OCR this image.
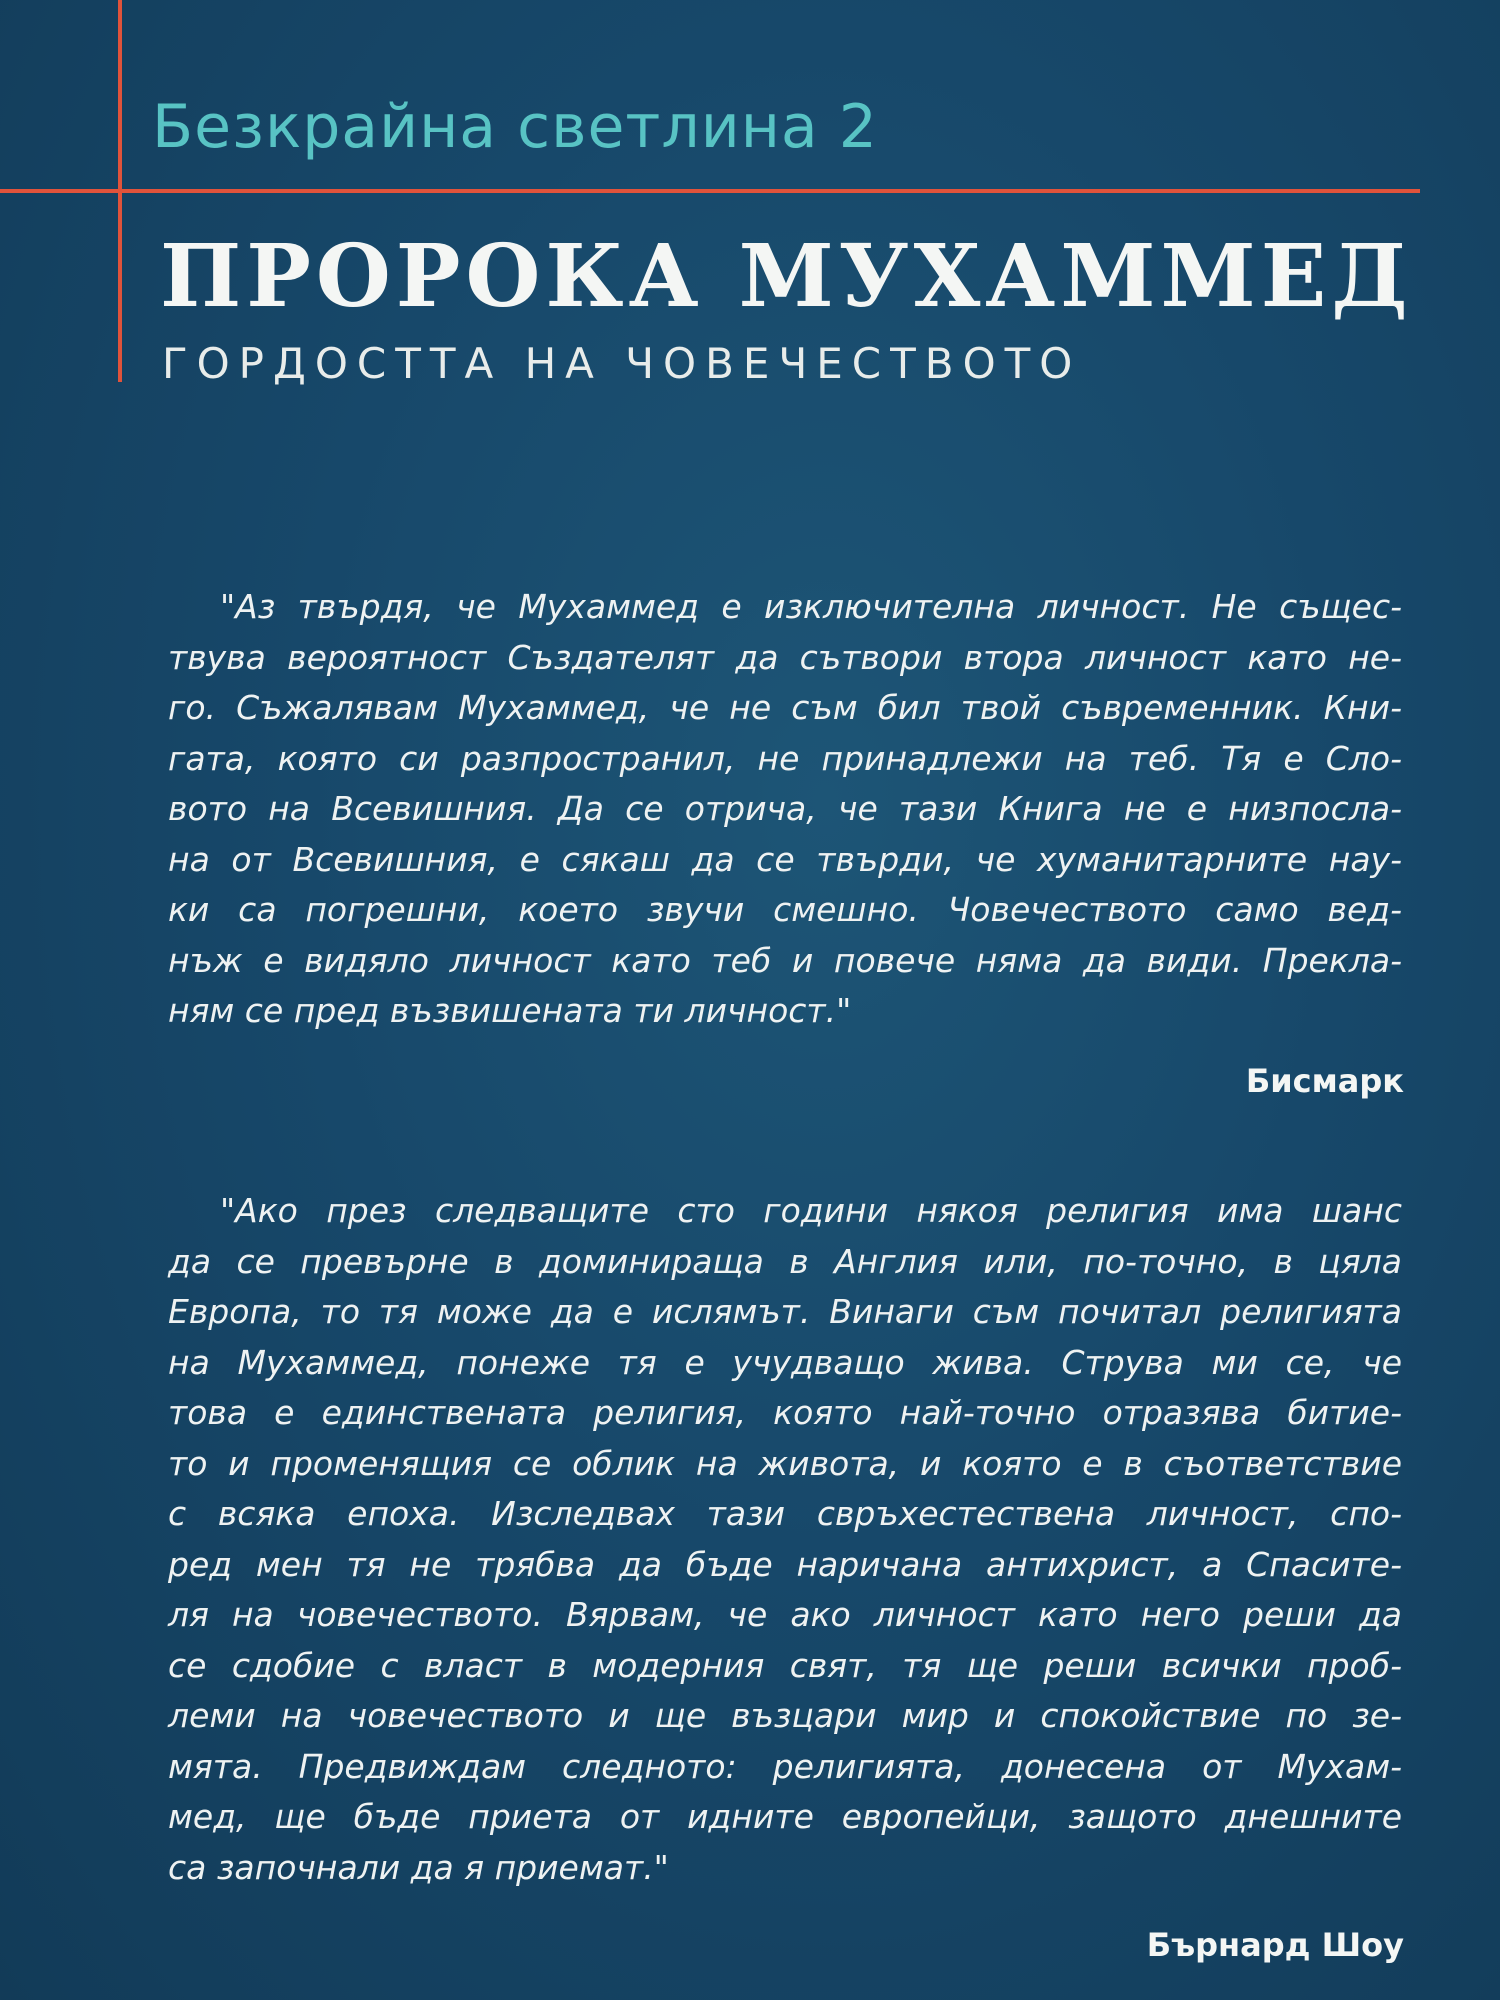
Безкрайна светлина 2
ПРОРОКА МУХАММЕД
ГОРДОСТТА НА ЧОВЕЧЕСТВОТО
"Аз твърдя, че Мухаммед е изключителна личност. Не същес-
твува вероятност Създателят да сътвори втора личност като не-
го. Съжалявам Мухаммед, че не съм бил твой съвременник. Кни-
гата, която си разпространил, не принадлежи на теб. Тя е Сло-
вото на Всевишния. Да се отрича, че тази Книга не е низпосла-
на от Всевишния, е сякаш да се твърди, че хуманитарните нау-
ки са погрешни, което звучи смешно. Човечеството само вед-
нъж е видяло личност като теб и повече няма да види. Прекла-
ням се пред възвишената ти личност."
Бисмарк
"Ако през следващите сто години някоя религия има шанс
да се превърне в доминираща в Англия или, по-точно, в цяла
Европа, то тя може да е ислямът. Винаги съм почитал религията
на Мухаммед, понеже тя е учудващо жива. Струва ми се, че
това е единствената религия, която най-точно отразява битие-
то и променящия се облик на живота, и която е в съответствие
с всяка епоха. Изследвах тази свръхестествена личност, спо-
ред мен тя не трябва да бъде наричана антихрист, а Спасите-
ля на човечеството. Вярвам, че ако личност като него реши да
се сдобие с власт в модерния свят, тя ще реши всички проб-
леми на човечеството и ще възцари мир и спокойствие по зе-
мята. Предвиждам следното: религията, донесена от Мухам-
мед, ще бъде приета от идните европейци, защото днешните
са започнали да я приемат."
Бърнард Шоу
